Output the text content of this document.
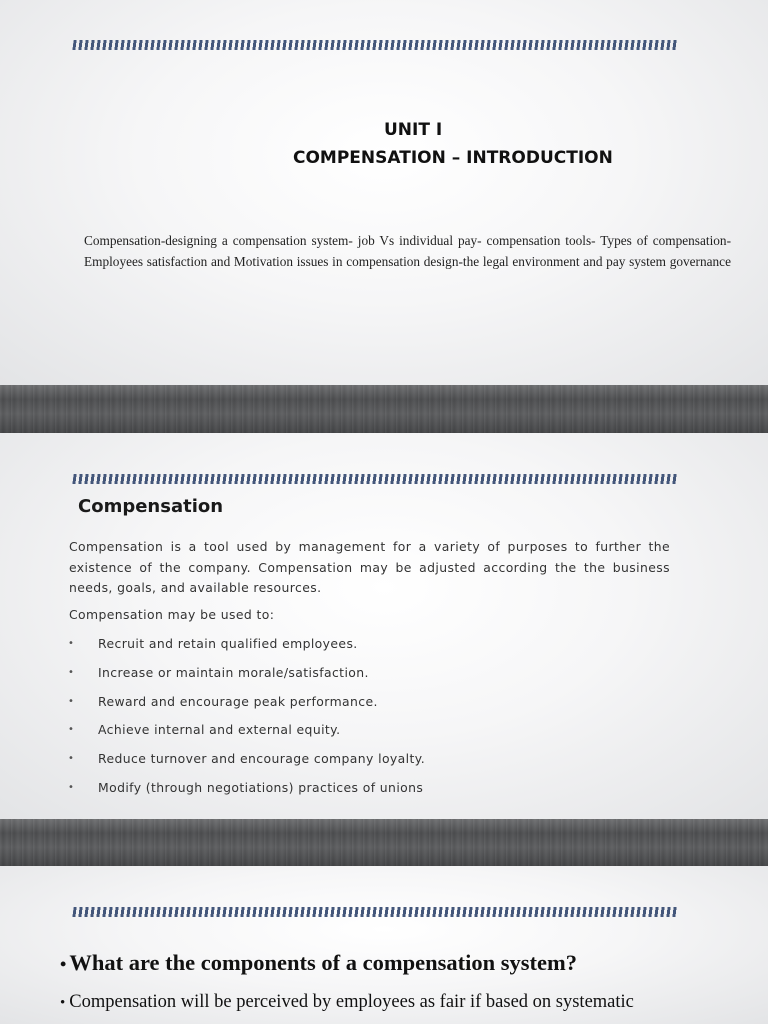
UNIT I
COMPENSATION – INTRODUCTION
Compensation-designing a compensation system- job Vs individual pay- compensation tools- Types of compensation- Employees satisfaction and Motivation issues in compensation design-the legal environment and pay system governance
Compensation
Compensation is a tool used by management for a variety of purposes to further the existence of the company. Compensation may be adjusted according the the business needs, goals, and available resources.
Compensation may be used to:
• Recruit and retain qualified employees.
• Increase or maintain morale/satisfaction.
• Reward and encourage peak performance.
• Achieve internal and external equity.
• Reduce turnover and encourage company loyalty.
• Modify (through negotiations) practices of unions
• What are the components of a compensation system?
• Compensation will be perceived by employees as fair if based on systematic
